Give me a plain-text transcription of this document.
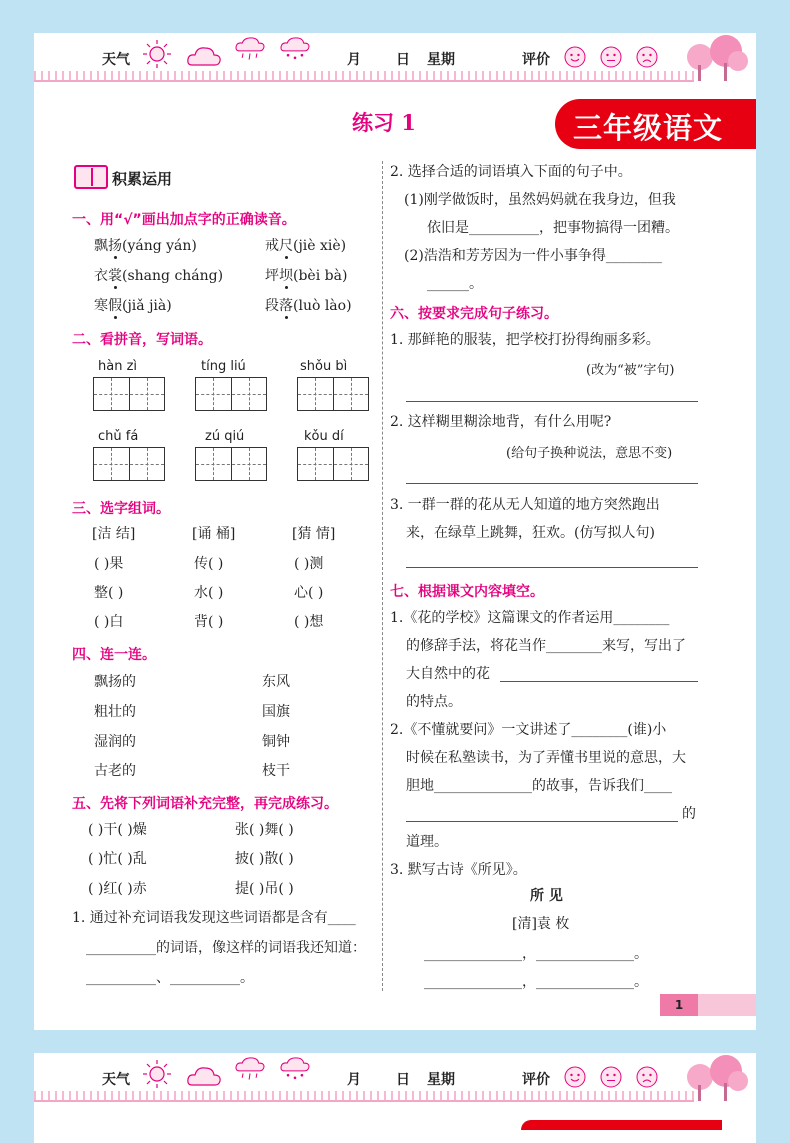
天气	月	日 星期	评价
练习 1	三年级语文
积累运用
一、用“√”画出加点字的正确读音。
飘扬(yáng yán)	戒尺(jiè xiè)
衣裳(shang cháng)	坪坝(bèi bà)
寒假(jiǎ jià)	段落(luò lào)
二、看拼音，写词语。
hàn zì	tíng liú	shǒu bì
chǔ fá	zú qiú	kǒu dí
三、选字组词。
[洁 结]	[诵 桶]	[猜 情]
( )果	传( )	( )测
整( )	水( )	心( )
( )白	背( )	( )想
四、连一连。
飘扬的
粗壮的
湿润的
古老的
东风
国旗
铜钟
枝干
五、先将下列词语补充完整，再完成练习。
( )干( )燥	张( )舞( )
( )忙( )乱	披( )散( )
( )红( )赤	提( )吊( )
1. 通过补充词语我发现这些词语都是含有____
__________的词语，像这样的词语我还知道：
__________、__________。
2. 选择合适的词语填入下面的句子中。
(1)刚学做饭时，虽然妈妈就在我身边，但我
依旧是__________，把事物搞得一团糟。
(2)浩浩和芳芳因为一件小事争得________
______。
六、按要求完成句子练习。
1. 那鲜艳的服装，把学校打扮得绚丽多彩。
(改为“被”字句)
2. 这样糊里糊涂地背，有什么用呢?
(给句子换种说法，意思不变)
3. 一群一群的花从无人知道的地方突然跑出
来，在绿草上跳舞，狂欢。(仿写拟人句)
七、根据课文内容填空。
1.《花的学校》这篇课文的作者运用________
的修辞手法，将花当作________来写，写出了
大自然中的花
的特点。
2.《不懂就要问》一文讲述了________(谁)小
时候在私塾读书，为了弄懂书里说的意思，大
胆地______________的故事，告诉我们____
的
道理。
3. 默写古诗《所见》。
所 见
[清]袁 枚
______________，______________。
______________，______________。
1
天气	月	日 星期	评价
